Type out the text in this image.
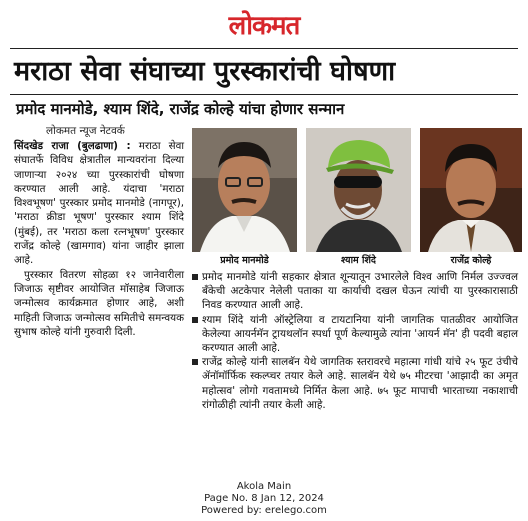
लोकमत
मराठा सेवा संघाच्या पुरस्कारांची घोषणा
प्रमोद मानमोडे, श्याम शिंदे, राजेंद्र कोल्हे यांचा होणार सन्मान
लोकमत न्यूज नेटवर्क

सिंदखेड राजा (बुलढाणा) : मराठा सेवा संघातर्फे विविध क्षेत्रातील मान्यवरांना दिल्या जाणाऱ्या २०२४ च्या पुरस्कारांची घोषणा करण्यात आली आहे. यंदाचा 'मराठा विश्वभूषण' पुरस्कार प्रमोद मानमोडे (नागपूर), 'मराठा क्रीडा भूषण' पुरस्कार श्याम शिंदे (मुंबई), तर 'मराठा कला रत्नभूषण' पुरस्कार राजेंद्र कोल्हे (खामगाव) यांना जाहीर झाला आहे.

पुरस्कार वितरण सोहळा १२ जानेवारीला जिजाऊ सृष्टीवर आयोजित मॉसाहेब जिजाऊ जन्मोत्सव कार्यक्रमात होणार आहे, अशी माहिती जिजाऊ जन्मोत्सव समितीचे समन्वयक सुभाष कोल्हे यांनी गुरुवारी दिली.

प्रमोद मानमोडे	श्याम शिंदे	राजेंद्र कोल्हे
प्रमोद मानमोडे यांनी सहकार क्षेत्रात शून्यातून उभारलेले विश्व आणि निर्मल उज्ज्वल बँकेची अटकेपार नेलेली पताका या कार्याची दखल घेऊन त्यांची या पुरस्कारासाठी निवड करण्यात आली आहे.
श्याम शिंदे यांनी ऑस्ट्रेलिया व टायटानिया यांनी जागतिक पातळीवर आयोजित केलेल्या आयर्नमॅन ट्रायथलॉन स्पर्धा पूर्ण केल्यामुळे त्यांना 'आयर्न मॅन' ही पदवी बहाल करण्यात आली आहे.
राजेंद्र कोल्हे यांनी सालबॅन येथे जागतिक स्तरावरचे महात्मा गांधी यांचे २५ फूट उंचीचे ॲनॉमॉर्फिक स्कल्प्चर तयार केले आहे. सालबॅन येथे ७५ मीटरचा 'आझादी का अमृत महोत्सव' लोगो गवतामध्ये निर्मित केला आहे. ७५ फूट मापाची भारताच्या नकाशाची रांगोळीही त्यांनी तयार केली आहे.
Akola Main
Page No. 8 Jan 12, 2024
Powered by: erelego.com
